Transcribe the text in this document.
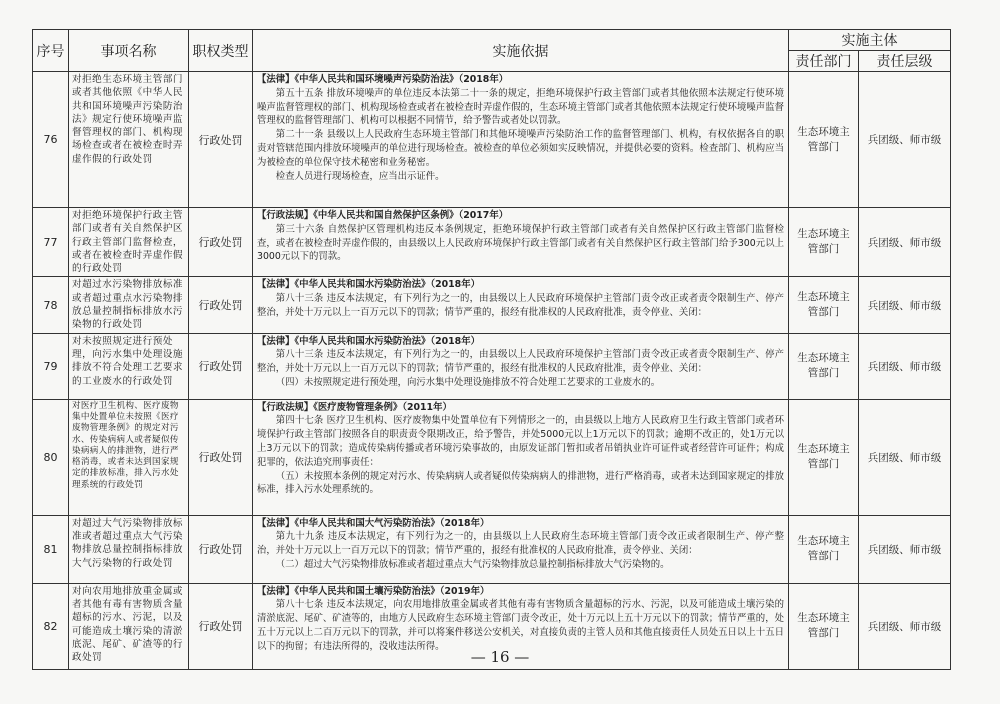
序号	事项名称	职权类型	实施依据	实施主体	
				责任部门	责任层级
76	对拒绝生态环境主管部门或者其他依照《中华人民共和国环境噪声污染防治法》规定行使环境噪声监督管理权的部门、机构现场检查或者在被检查时弄虚作假的行政处罚	行政处罚	【法律】《中华人民共和国环境噪声污染防治法》（2018年）

第五十五条 排放环境噪声的单位违反本法第二十一条的规定，拒绝环境保护行政主管部门或者其他依照本法规定行使环境噪声监督管理权的部门、机构现场检查或者在被检查时弄虚作假的，生态环境主管部门或者其他依照本法规定行使环境噪声监督管理权的监督管理部门、机构可以根据不同情节，给予警告或者处以罚款。

第二十一条 县级以上人民政府生态环境主管部门和其他环境噪声污染防治工作的监督管理部门、机构，有权依据各自的职责对管辖范围内排放环境噪声的单位进行现场检查。被检查的单位必须如实反映情况，并提供必要的资料。检查部门、机构应当为被检查的单位保守技术秘密和业务秘密。

检查人员进行现场检查，应当出示证件。	生态环境主管部门	兵团级、师市级
77	对拒绝环境保护行政主管部门或者有关自然保护区行政主管部门监督检查，或者在被检查时弄虚作假的行政处罚	行政处罚	【行政法规】《中华人民共和国自然保护区条例》（2017年）

第三十六条 自然保护区管理机构违反本条例规定，拒绝环境保护行政主管部门或者有关自然保护区行政主管部门监督检查，或者在被检查时弄虚作假的，由县级以上人民政府环境保护行政主管部门或者有关自然保护区行政主管部门给予300元以上3000元以下的罚款。	生态环境主管部门	兵团级、师市级
78	对超过水污染物排放标准或者超过重点水污染物排放总量控制指标排放水污染物的行政处罚	行政处罚	【法律】《中华人民共和国水污染防治法》（2018年）

第八十三条 违反本法规定，有下列行为之一的，由县级以上人民政府环境保护主管部门责令改正或者责令限制生产、停产整治，并处十万元以上一百万元以下的罚款；情节严重的，报经有批准权的人民政府批准，责令停业、关闭：	生态环境主管部门	兵团级、师市级
79	对未按照规定进行预处理，向污水集中处理设施排放不符合处理工艺要求的工业废水的行政处罚	行政处罚	【法律】《中华人民共和国水污染防治法》（2018年）

第八十三条 违反本法规定，有下列行为之一的，由县级以上人民政府环境保护主管部门责令改正或者责令限制生产、停产整治，并处十万元以上一百万元以下的罚款；情节严重的，报经有批准权的人民政府批准，责令停业、关闭：

（四）未按照规定进行预处理，向污水集中处理设施排放不符合处理工艺要求的工业废水的。	生态环境主管部门	兵团级、师市级
80	对医疗卫生机构、医疗废物集中处置单位未按照《医疗废物管理条例》的规定对污水、传染病病人或者疑似传染病病人的排泄物，进行严格消毒，或者未达到国家规定的排放标准，排入污水处理系统的行政处罚	行政处罚	【行政法规】《医疗废物管理条例》（2011年）

第四十七条 医疗卫生机构、医疗废物集中处置单位有下列情形之一的，由县级以上地方人民政府卫生行政主管部门或者环境保护行政主管部门按照各自的职责责令限期改正，给予警告，并处5000元以上1万元以下的罚款；逾期不改正的，处1万元以上3万元以下的罚款；造成传染病传播或者环境污染事故的，由原发证部门暂扣或者吊销执业许可证件或者经营许可证件；构成犯罪的，依法追究刑事责任：

（五）未按照本条例的规定对污水、传染病病人或者疑似传染病病人的排泄物，进行严格消毒，或者未达到国家规定的排放标准，排入污水处理系统的。	生态环境主管部门	兵团级、师市级
81	对超过大气污染物排放标准或者超过重点大气污染物排放总量控制指标排放大气污染物的行政处罚	行政处罚	【法律】《中华人民共和国大气污染防治法》（2018年）

第九十九条 违反本法规定，有下列行为之一的，由县级以上人民政府生态环境主管部门责令改正或者限制生产、停产整治，并处十万元以上一百万元以下的罚款；情节严重的，报经有批准权的人民政府批准，责令停业、关闭：

（二）超过大气污染物排放标准或者超过重点大气污染物排放总量控制指标排放大气污染物的。	生态环境主管部门	兵团级、师市级
82	对向农用地排放重金属或者其他有毒有害物质含量超标的污水、污泥，以及可能造成土壤污染的清淤底泥、尾矿、矿渣等的行政处罚	行政处罚	【法律】《中华人民共和国土壤污染防治法》（2019年）

第八十七条 违反本法规定，向农用地排放重金属或者其他有毒有害物质含量超标的污水、污泥，以及可能造成土壤污染的清淤底泥、尾矿、矿渣等的，由地方人民政府生态环境主管部门责令改正，处十万元以上五十万元以下的罚款；情节严重的，处五十万元以上二百万元以下的罚款，并可以将案件移送公安机关，对直接负责的主管人员和其他直接责任人员处五日以上十五日以下的拘留；有违法所得的，没收违法所得。	生态环境主管部门	兵团级、师市级
— 16 —
